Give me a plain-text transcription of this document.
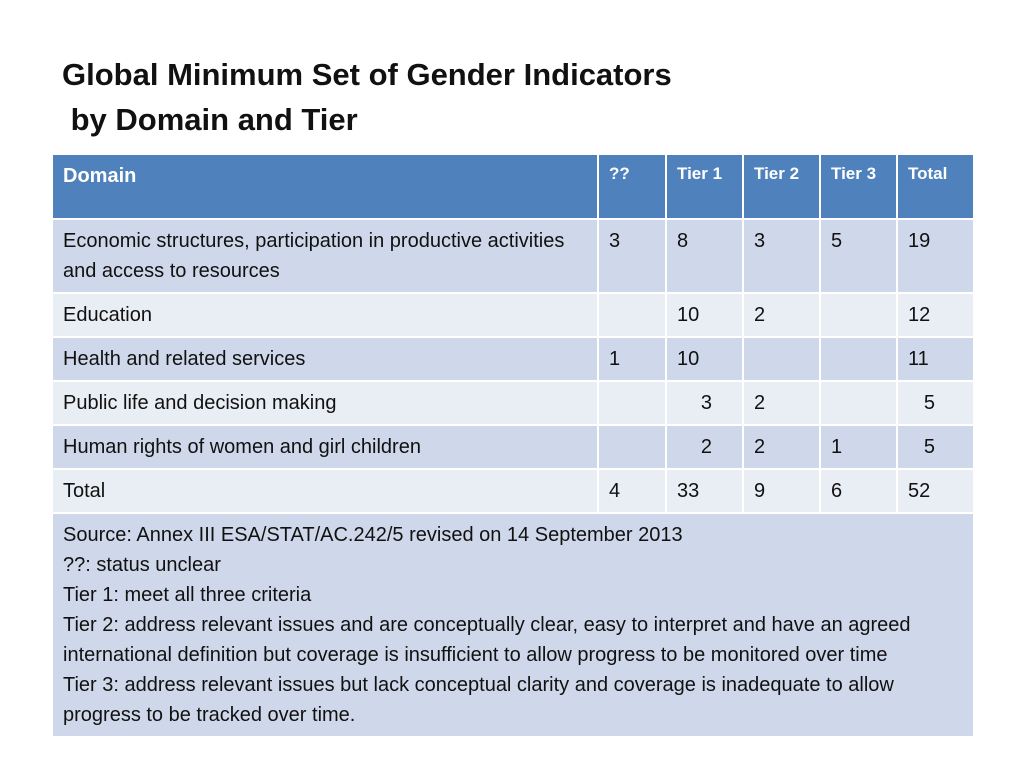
Global Minimum Set of Gender Indicators
by Domain and Tier
Domain	??	Tier 1	Tier 2	Tier 3	Total
Economic structures, participation in productive activities and access to resources	3	8	3	5	19
Education		10	2		12
Health and related services	1	10			11
Public life and decision making		3	2		5
Human rights of women and girl children		2	2	1	5
Total	4	33	9	6	52

Source: Annex III ESA/STAT/AC.242/5 revised on 14 September 2013
??: status unclear
Tier 1: meet all three criteria
Tier 2: address relevant issues and are conceptually clear, easy to interpret and have an agreed international definition but coverage is insufficient to allow progress to be monitored over time
Tier 3: address relevant issues but lack conceptual clarity and coverage is inadequate to allow progress to be tracked over time.					
